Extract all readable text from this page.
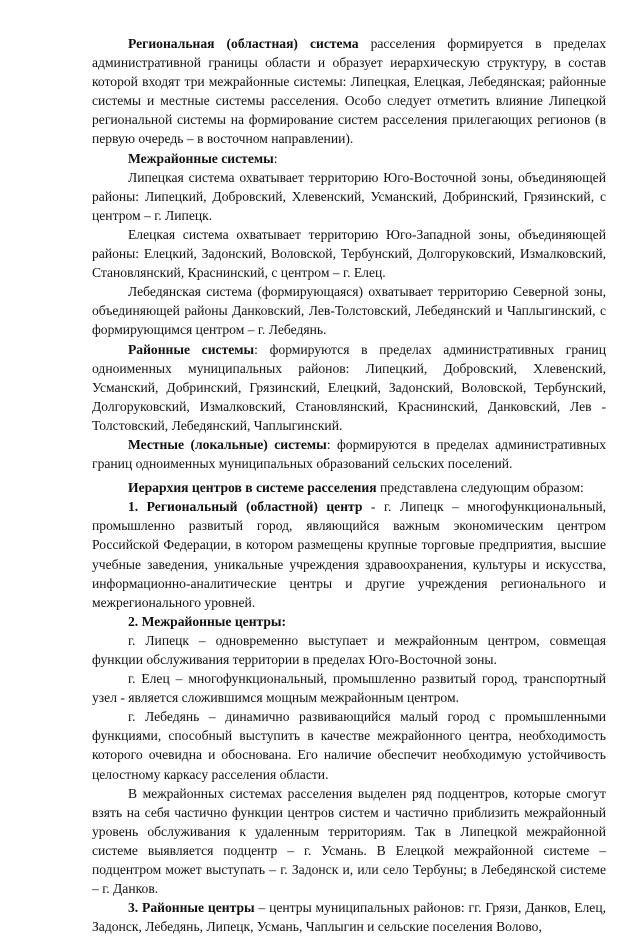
Региональная (областная) система расселения формируется в пределах административной границы области и образует иерархическую структуру, в состав которой входят три межрайонные системы: Липецкая, Елецкая, Лебедянская; районные системы и местные системы расселения. Особо следует отметить влияние Липецкой региональной системы на формирование систем расселения прилегающих регионов (в первую очередь – в восточном направлении).

Межрайонные системы:

Липецкая система охватывает территорию Юго-Восточной зоны, объединяющей районы: Липецкий, Добровский, Хлевенский, Усманский, Добринский, Грязинский, с центром – г. Липецк.

Елецкая система охватывает территорию Юго-Западной зоны, объединяющей районы: Елецкий, Задонский, Воловской, Тербунский, Долгоруковский, Измалковский, Становлянский, Краснинский, с центром – г. Елец.

Лебедянская система (формирующаяся) охватывает территорию Северной зоны, объединяющей районы Данковский, Лев-Толстовский, Лебедянский и Чаплыгинский, с формирующимся центром – г. Лебедянь.

Районные системы: формируются в пределах административных границ одноименных муниципальных районов: Липецкий, Добровский, Хлевенский, Усманский, Добринский, Грязинский, Елецкий, Задонский, Воловской, Тербунский, Долгоруковский, Измалковский, Становлянский, Краснинский, Данковский, Лев - Толстовский, Лебедянский, Чаплыгинский.

Местные (локальные) системы: формируются в пределах административных границ одноименных муниципальных образований сельских поселений.

Иерархия центров в системе расселения представлена следующим образом:

1. Региональный (областной) центр - г. Липецк – многофункциональный, промышленно развитый город, являющийся важным экономическим центром Российской Федерации, в котором размещены крупные торговые предприятия, высшие учебные заведения, уникальные учреждения здравоохранения, культуры и искусства, информационно-аналитические центры и другие учреждения регионального и межрегионального уровней.

2. Межрайонные центры:

г. Липецк – одновременно выступает и межрайонным центром, совмещая функции обслуживания территории в пределах Юго-Восточной зоны.

г. Елец – многофункциональный, промышленно развитый город, транспортный узел - является сложившимся мощным межрайонным центром.

г. Лебедянь – динамично развивающийся малый город с промышленными функциями, способный выступить в качестве межрайонного центра, необходимость которого очевидна и обоснована. Его наличие обеспечит необходимую устойчивость целостному каркасу расселения области.

В межрайонных системах расселения выделен ряд подцентров, которые смогут взять на себя частично функции центров систем и частично приблизить межрайонный уровень обслуживания к удаленным территориям. Так в Липецкой межрайонной системе выявляется подцентр – г. Усмань. В Елецкой межрайонной системе – подцентром может выступать – г. Задонск и, или село Тербуны; в Лебедянской системе – г. Данков.

3. Районные центры – центры муниципальных районов: гг. Грязи, Данков, Елец, Задонск, Лебедянь, Липецк, Усмань, Чаплыгин и сельские поселения Волово,
